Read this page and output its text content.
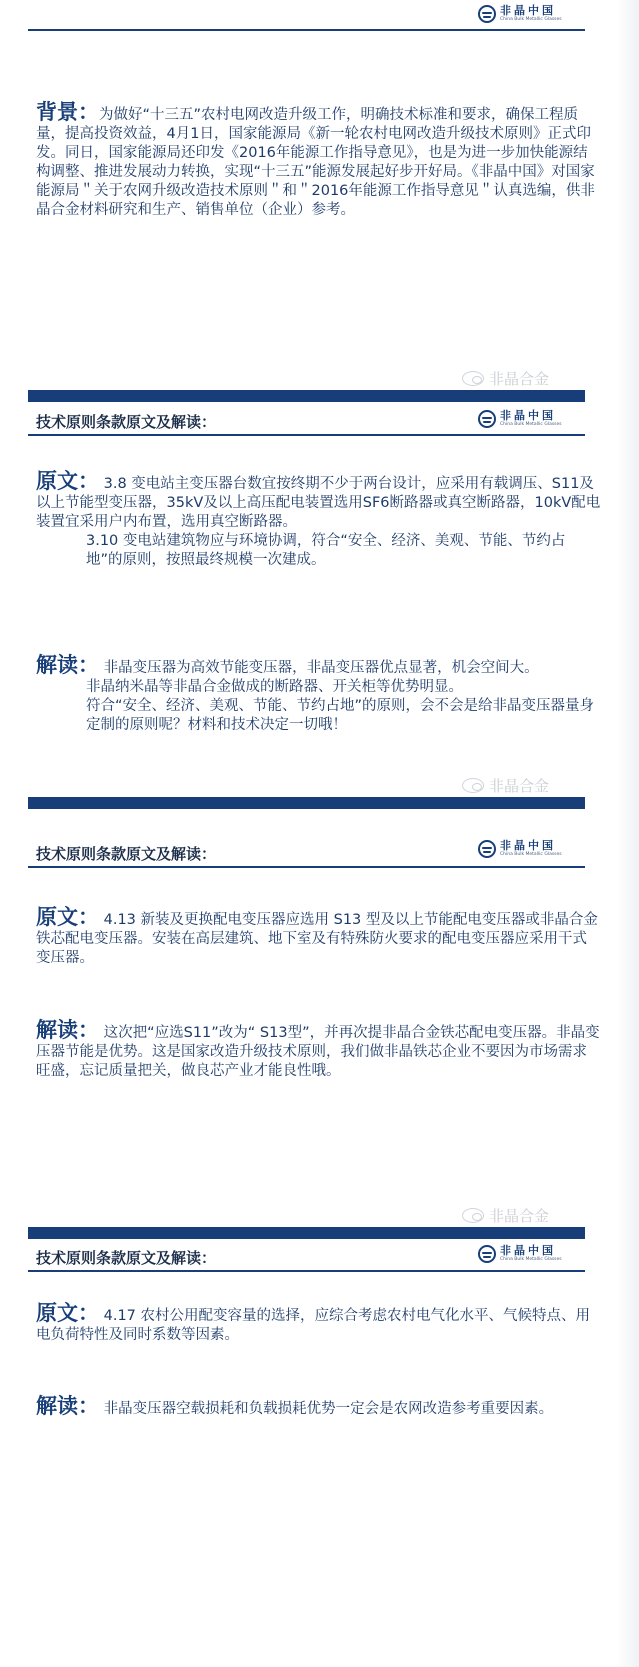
非晶中国
China Bulk Metallic Glasses

背景：为做好“十三五”农村电网改造升级工作，明确技术标准和要求，确保工程质量，提高投资效益，4月1日，国家能源局《新一轮农村电网改造升级技术原则》正式印发。同日，国家能源局还印发《2016年能源工作指导意见》，也是为进一步加快能源结构调整、推进发展动力转换，实现“十三五”能源发展起好步开好局。《非晶中国》对国家能源局＂关于农网升级改造技术原则＂和＂2016年能源工作指导意见＂认真选编，供非晶合金材料研究和生产、销售单位（企业）参考。

非晶合金
技术原则条款原文及解读：	非晶中国
China Bulk Metallic Glasses

原文： 3.8 变电站主变压器台数宜按终期不少于两台设计，应采用有载调压、S11及以上节能型变压器，35kV及以上高压配电装置选用SF6断路器或真空断路器，10kV配电装置宜采用户内布置，选用真空断路器。

3.10 变电站建筑物应与环境协调，符合“安全、经济、美观、节能、节约占地”的原则，按照最终规模一次建成。

解读： 非晶变压器为高效节能变压器，非晶变压器优点显著，机会空间大。

非晶纳米晶等非晶合金做成的断路器、开关柜等优势明显。

符合“安全、经济、美观、节能、节约占地”的原则，会不会是给非晶变压器量身定制的原则呢？材料和技术决定一切哦！

非晶合金
技术原则条款原文及解读：	非晶中国
China Bulk Metallic Glasses

原文： 4.13 新装及更换配电变压器应选用 S13 型及以上节能配电变压器或非晶合金铁芯配电变压器。安装在高层建筑、地下室及有特殊防火要求的配电变压器应采用干式变压器。

解读： 这次把“应选S11”改为“ S13型”，并再次提非晶合金铁芯配电变压器。非晶变压器节能是优势。这是国家改造升级技术原则，我们做非晶铁芯企业不要因为市场需求旺盛，忘记质量把关，做良芯产业才能良性哦。

非晶合金
技术原则条款原文及解读：	非晶中国
China Bulk Metallic Glasses

原文： 4.17 农村公用配变容量的选择，应综合考虑农村电气化水平、气候特点、用电负荷特性及同时系数等因素。

解读： 非晶变压器空载损耗和负载损耗优势一定会是农网改造参考重要因素。
